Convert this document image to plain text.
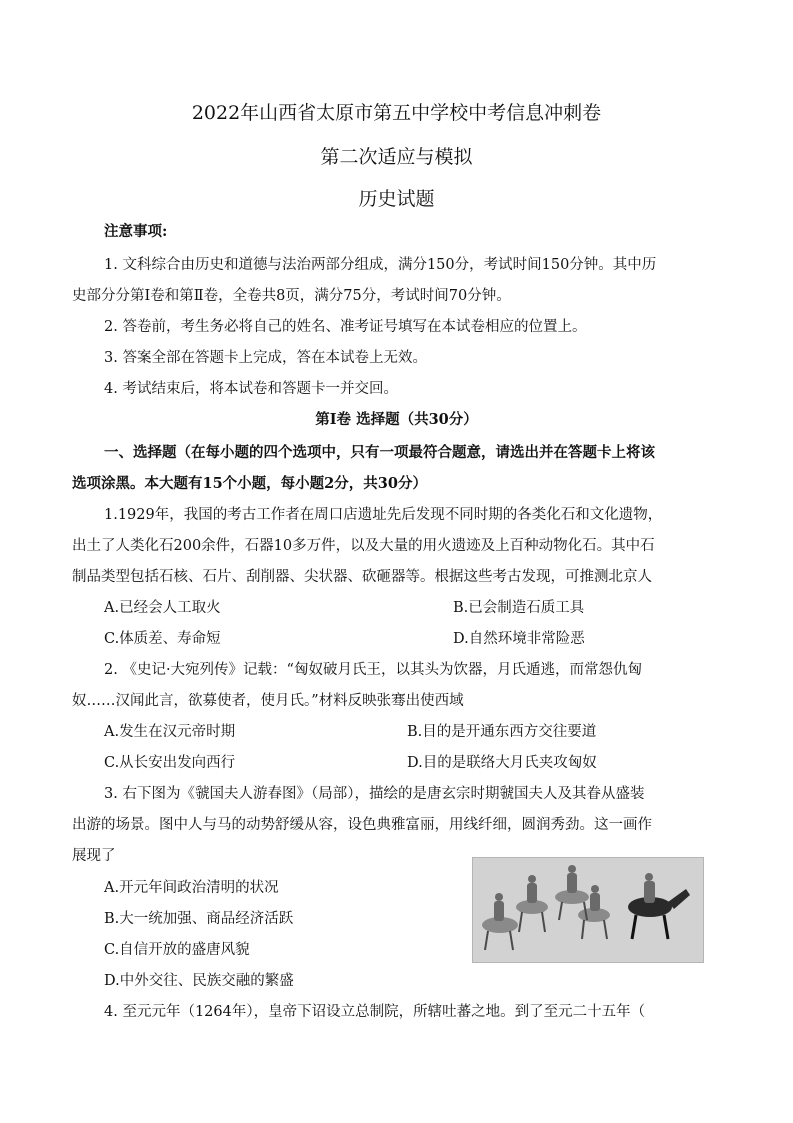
2022年山西省太原市第五中学校中考信息冲刺卷
第二次适应与模拟
历史试题
注意事项:
1. 文科综合由历史和道德与法治两部分组成，满分150分，考试时间150分钟。其中历
史部分分第Ⅰ卷和第Ⅱ卷，全卷共8页，满分75分，考试时间70分钟。
2. 答卷前，考生务必将自己的姓名、准考证号填写在本试卷相应的位置上。
3. 答案全部在答题卡上完成，答在本试卷上无效。
4. 考试结束后，将本试卷和答题卡一并交回。
第Ⅰ卷 选择题（共30分）
一、选择题（在每小题的四个选项中，只有一项最符合题意，请选出并在答题卡上将该
选项涂黑。本大题有15个小题，每小题2分，共30分）
1.1929年，我国的考古工作者在周口店遗址先后发现不同时期的各类化石和文化遗物，
出土了人类化石200余件，石器10多万件，以及大量的用火遗迹及上百种动物化石。其中石
制品类型包括石核、石片、刮削器、尖状器、砍砸器等。根据这些考古发现，可推测北京人
A.已经会人工取火	B.已会制造石质工具
C.体质差、寿命短	D.自然环境非常险恶
2. 《史记·大宛列传》记载：“匈奴破月氏王，以其头为饮器，月氏遁逃，而常怨仇匈
奴……汉闻此言，欲募使者，使月氏。”材料反映张骞出使西域
A.发生在汉元帝时期	B.目的是开通东西方交往要道
C.从长安出发向西行	D.目的是联络大月氏夹攻匈奴
3. 右下图为《虢国夫人游春图》（局部），描绘的是唐玄宗时期虢国夫人及其眷从盛装
出游的场景。图中人与马的动势舒缓从容，设色典雅富丽，用线纤细，圆润秀劲。这一画作
展现了
A.开元年间政治清明的状况
B.大一统加强、商品经济活跃
C.自信开放的盛唐风貌
D.中外交往、民族交融的繁盛
4. 至元元年（1264年），皇帝下诏设立总制院，所辖吐蕃之地。到了至元二十五年（
